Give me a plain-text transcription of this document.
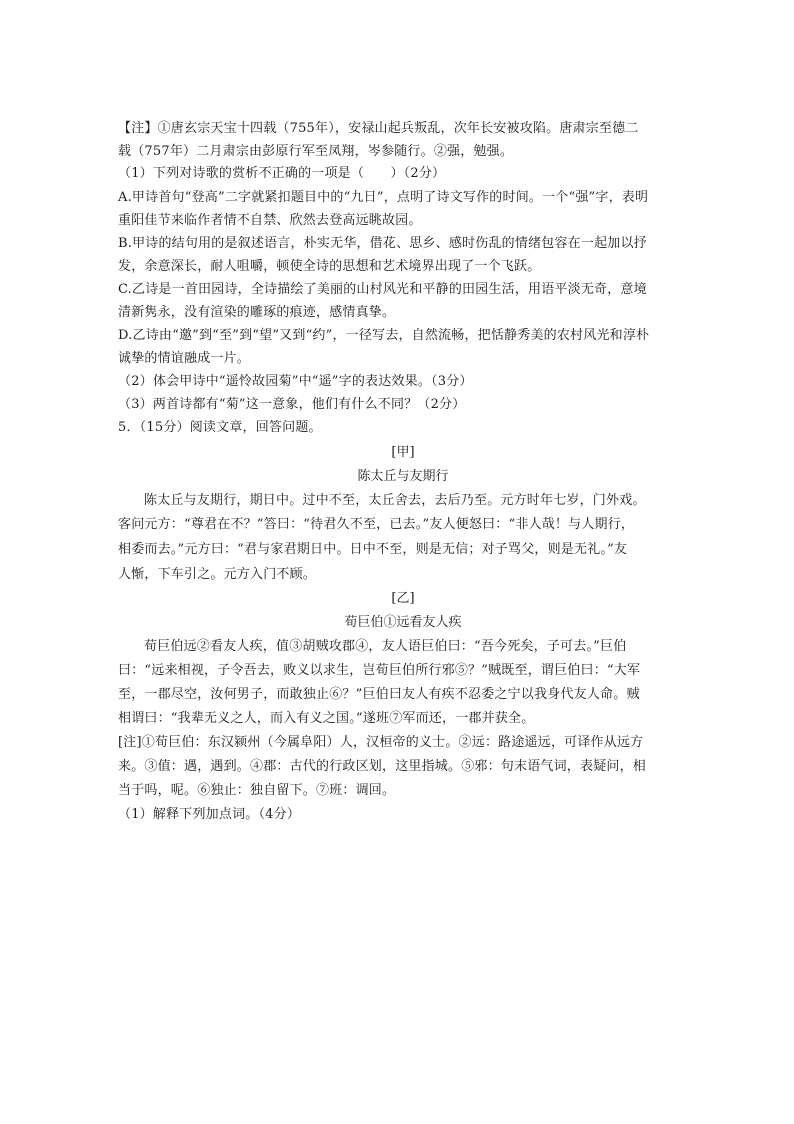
【注】①唐玄宗天宝十四载（755年），安禄山起兵叛乱，次年长安被攻陷。唐肃宗至德二
载（757年）二月肃宗由彭原行军至凤翔，岑参随行。②强，勉强。
（1）下列对诗歌的赏析不正确的一项是（　　）（2分）
A.甲诗首句“登高”二字就紧扣题目中的“九日”，点明了诗文写作的时间。一个“强”字，表明
重阳佳节来临作者情不自禁、欣然去登高远眺故园。
B.甲诗的结句用的是叙述语言，朴实无华，借花、思乡、感时伤乱的情绪包容在一起加以抒
发，余意深长，耐人咀嚼，顿使全诗的思想和艺术境界出现了一个飞跃。
C.乙诗是一首田园诗，全诗描绘了美丽的山村风光和平静的田园生活，用语平淡无奇，意境
清新隽永，没有渲染的雕琢的痕迹，感情真挚。
D.乙诗由“邀”到“至”到“望”又到“约”，一径写去，自然流畅，把恬静秀美的农村风光和淳朴
诚挚的情谊融成一片。
（2）体会甲诗中“遥怜故园菊”中“遥”字的表达效果。（3分）
（3）两首诗都有“菊”这一意象，他们有什么不同？（2分）
5．（15分）阅读文章，回答问题。
[甲]
陈太丘与友期行
陈太丘与友期行，期日中。过中不至，太丘舍去，去后乃至。元方时年七岁，门外戏。
客问元方：“尊君在不？”答曰：“待君久不至，已去。”友人便怒曰：“非人哉！与人期行，
相委而去。”元方曰：“君与家君期日中。日中不至，则是无信；对子骂父，则是无礼。”友
人惭，下车引之。元方入门不顾。
[乙]
荀巨伯①远看友人疾
荀巨伯远②看友人疾，值③胡贼攻郡④，友人语巨伯曰：“吾今死矣，子可去。”巨伯
曰：“远来相视，子令吾去，败义以求生，岂荀巨伯所行邪⑤？”贼既至，谓巨伯曰：“大军
至，一郡尽空，汝何男子，而敢独止⑥？”巨伯曰友人有疾不忍委之宁以我身代友人命。贼
相谓曰：“我辈无义之人，而入有义之国。”遂班⑦军而还，一郡并获全。
[注]①荀巨伯：东汉颍州（今属阜阳）人，汉桓帝的义士。②远：路途遥远，可译作从远方
来。③值：遇，遇到。④郡：古代的行政区划，这里指城。⑤邪：句末语气词，表疑问，相
当于吗，呢。⑥独止：独自留下。⑦班：调回。
（1）解释下列加点词。（4分）
